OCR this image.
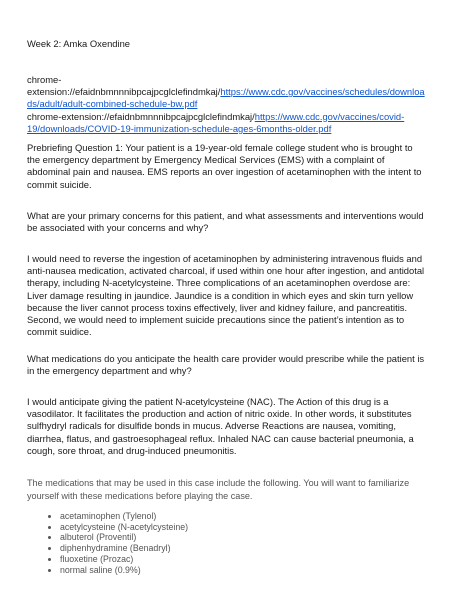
Week 2: Amka Oxendine
chrome-
extension://efaidnbmnnnibpcajpcglclefindmkaj/https://www.cdc.gov/vaccines/schedules/downloa
ds/adult/adult-combined-schedule-bw.pdf
chrome-extension://efaidnbmnnnibpcajpcglclefindmkaj/https://www.cdc.gov/vaccines/covid-
19/downloads/COVID-19-immunization-schedule-ages-6months-older.pdf
Prebriefing Question 1: Your patient is a 19-year-old female college student who is brought to
the emergency department by Emergency Medical Services (EMS) with a complaint of
abdominal pain and nausea. EMS reports an over ingestion of acetaminophen with the intent to
commit suicide.
What are your primary concerns for this patient, and what assessments and interventions would
be associated with your concerns and why?
I would need to reverse the ingestion of acetaminophen by administering intravenous fluids and
anti-nausea medication, activated charcoal, if used within one hour after ingestion, and antidotal
therapy, including N-acetylcysteine. Three complications of an acetaminophen overdose are:
Liver damage resulting in jaundice. Jaundice is a condition in which eyes and skin turn yellow
because the liver cannot process toxins effectively, liver and kidney failure, and pancreatitis.
Second, we would need to implement suicide precautions since the patient’s intention as to
commit suidice.
What medications do you anticipate the health care provider would prescribe while the patient is
in the emergency department and why?
I would anticipate giving the patient N-acetylcysteine (NAC). The Action of this drug is a
vasodilator. It facilitates the production and action of nitric oxide. In other words, it substitutes
sulfhydryl radicals for disulfide bonds in mucus. Adverse Reactions are nausea, vomiting,
diarrhea, flatus, and gastroesophageal reflux. Inhaled NAC can cause bacterial pneumonia, a
cough, sore throat, and drug-induced pneumonitis.
The medications that may be used in this case include the following. You will want to familiarize
yourself with these medications before playing the case.
• acetaminophen (Tylenol)
• acetylcysteine (N-acetylcysteine)
• albuterol (Proventil)
• diphenhydramine (Benadryl)
• fluoxetine (Prozac)
• normal saline (0.9%)
